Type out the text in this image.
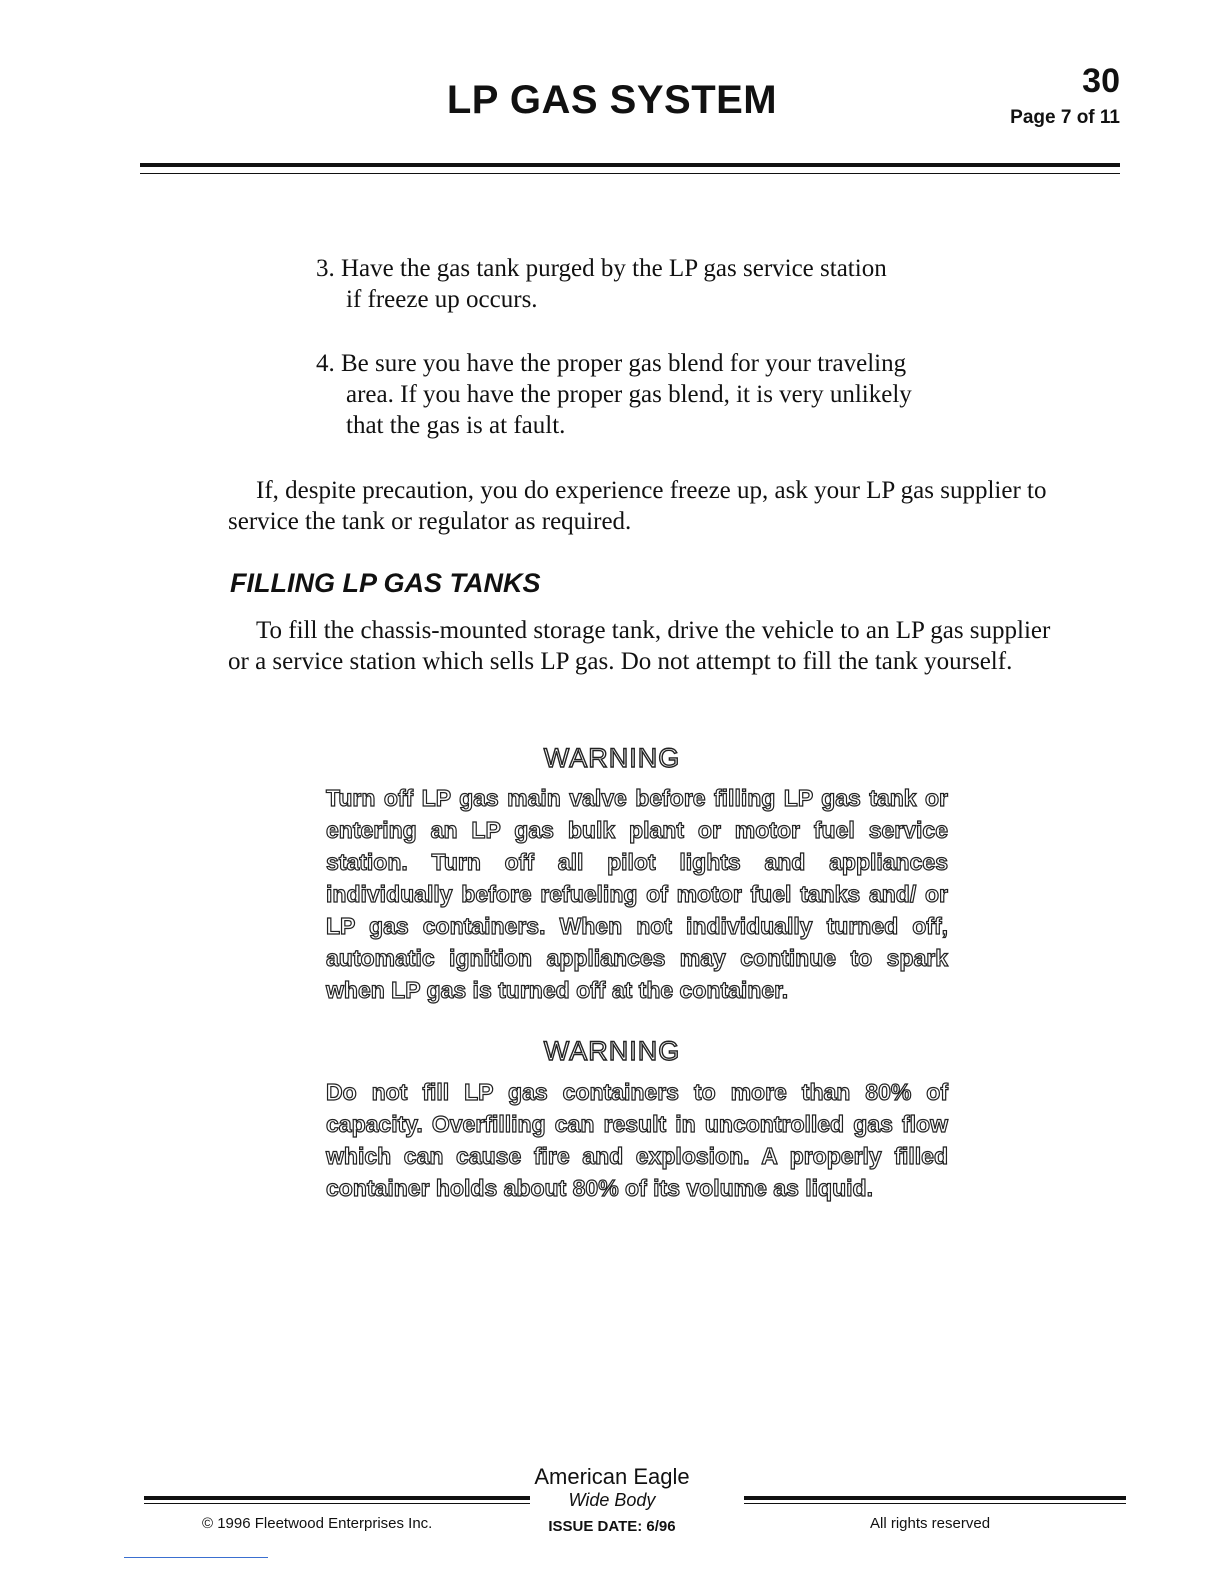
LP GAS SYSTEM	30
Page 7 of 11
3. Have the gas tank purged by the LP gas service station
if freeze up occurs.
4. Be sure you have the proper gas blend for your traveling
area. If you have the proper gas blend, it is very unlikely
that the gas is at fault.
If, despite precaution, you do experience freeze up, ask your LP gas supplier to service the tank or regulator as required.
FILLING LP GAS TANKS
To fill the chassis-mounted storage tank, drive the vehicle to an LP gas supplier or a service station which sells LP gas. Do not attempt to fill the tank yourself.
WARNING
Turn off LP gas main valve before filling LP gas tank or entering an LP gas bulk plant or motor fuel service station. Turn off all pilot lights and appliances individually before refueling of motor fuel tanks and/ or LP gas containers. When not individually turned off, automatic ignition appliances may continue to spark when LP gas is turned off at the container.
WARNING
Do not fill LP gas containers to more than 80% of capacity. Overfilling can result in uncontrolled gas flow which can cause fire and explosion. A properly filled container holds about 80% of its volume as liquid.
American Eagle
Wide Body
ISSUE DATE: 6/96
© 1996 Fleetwood Enterprises Inc.	All rights reserved
